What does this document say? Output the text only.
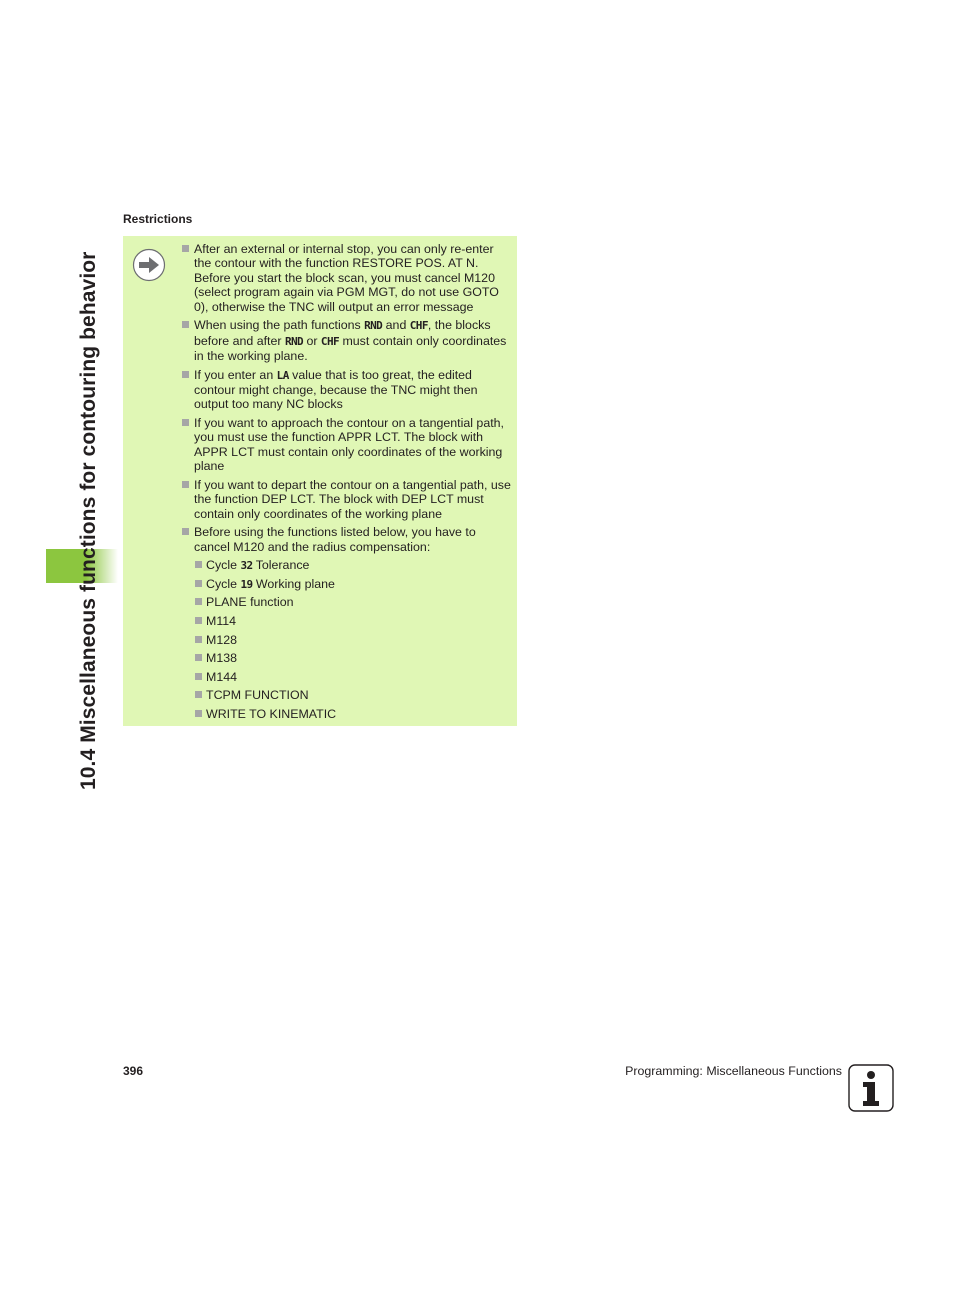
10.4 Miscellaneous functions for contouring behavior
Restrictions
After an external or internal stop, you can only re-enter the contour with the function RESTORE POS. AT N. Before you start the block scan, you must cancel M120 (select program again via PGM MGT, do not use GOTO 0), otherwise the TNC will output an error message
When using the path functions RND and CHF, the blocks before and after RND or CHF must contain only coordinates in the working plane.
If you enter an LA value that is too great, the edited contour might change, because the TNC might then output too many NC blocks
If you want to approach the contour on a tangential path, you must use the function APPR LCT. The block with APPR LCT must contain only coordinates of the working plane
If you want to depart the contour on a tangential path, use the function DEP LCT. The block with DEP LCT must contain only coordinates of the working plane
Before using the functions listed below, you have to cancel M120 and the radius compensation:
Cycle 32 Tolerance
Cycle 19 Working plane
PLANE function
M114
M128
M138
M144
TCPM FUNCTION
WRITE TO KINEMATIC
396	Programming: Miscellaneous Functions
